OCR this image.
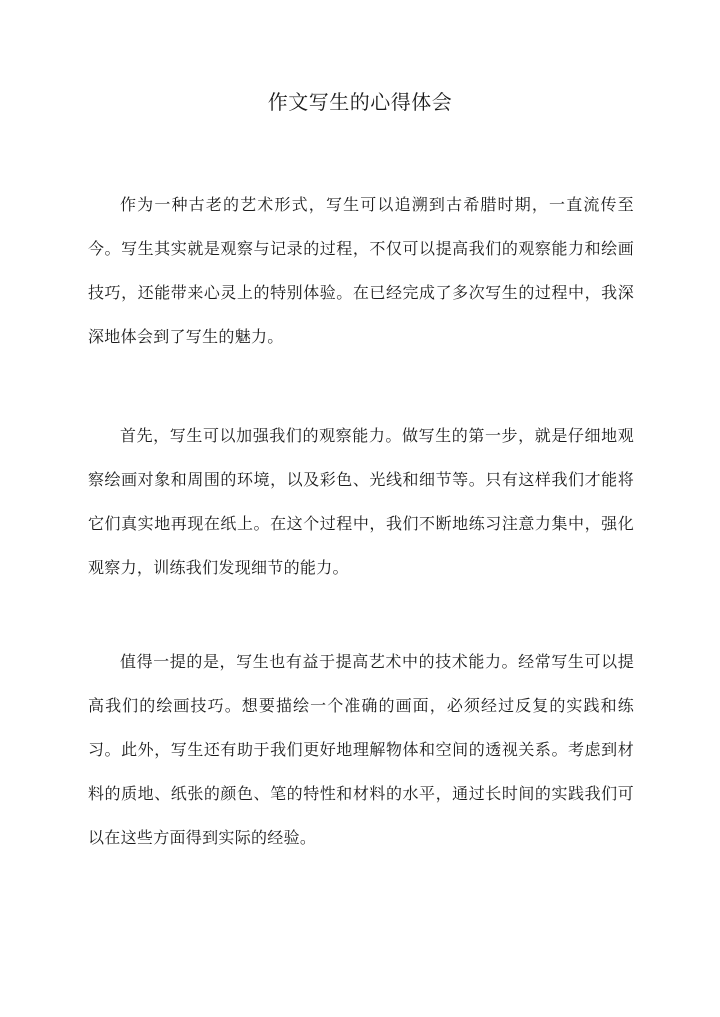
作文写生的心得体会

作为一种古老的艺术形式，写生可以追溯到古希腊时期，一直流传至今。写生其实就是观察与记录的过程，不仅可以提高我们的观察能力和绘画技巧，还能带来心灵上的特别体验。在已经完成了多次写生的过程中，我深深地体会到了写生的魅力。

首先，写生可以加强我们的观察能力。做写生的第一步，就是仔细地观察绘画对象和周围的环境，以及彩色、光线和细节等。只有这样我们才能将它们真实地再现在纸上。在这个过程中，我们不断地练习注意力集中，强化观察力，训练我们发现细节的能力。

值得一提的是，写生也有益于提高艺术中的技术能力。经常写生可以提高我们的绘画技巧。想要描绘一个准确的画面，必须经过反复的实践和练习。此外，写生还有助于我们更好地理解物体和空间的透视关系。考虑到材料的质地、纸张的颜色、笔的特性和材料的水平，通过长时间的实践我们可以在这些方面得到实际的经验。
